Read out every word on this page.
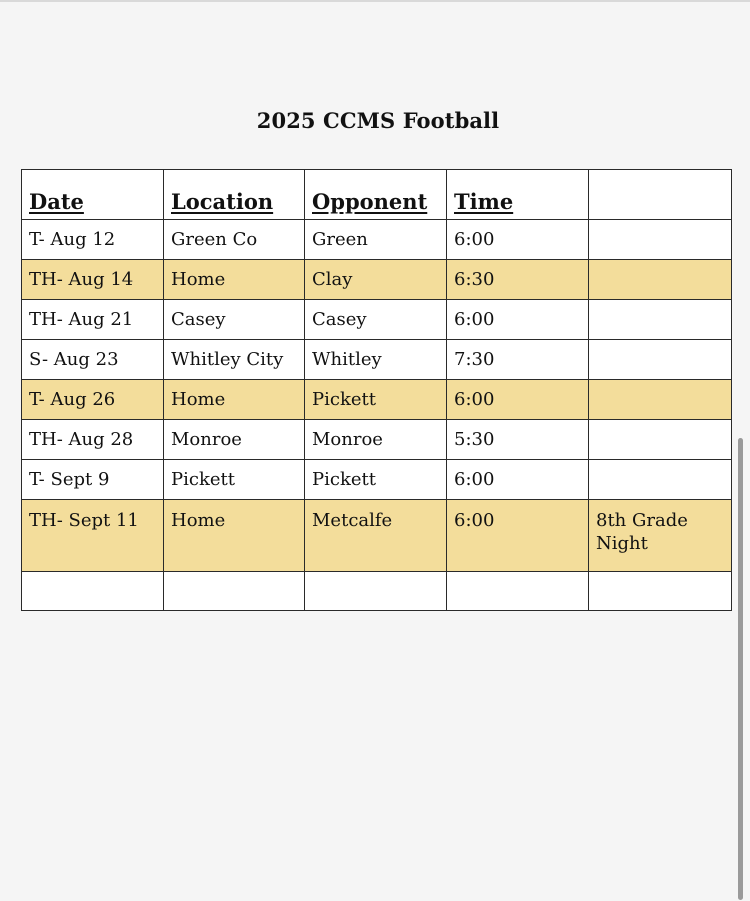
2025 CCMS Football
Date	Location	Opponent	Time	
T- Aug 12	Green Co	Green	6:00	
TH- Aug 14	Home	Clay	6:30	
TH- Aug 21	Casey	Casey	6:00	
S- Aug 23	Whitley City	Whitley	7:30	
T- Aug 26	Home	Pickett	6:00	
TH- Aug 28	Monroe	Monroe	5:30	
T- Sept 9	Pickett	Pickett	6:00	
TH- Sept 11	Home	Metcalfe	6:00	8th Grade Night
